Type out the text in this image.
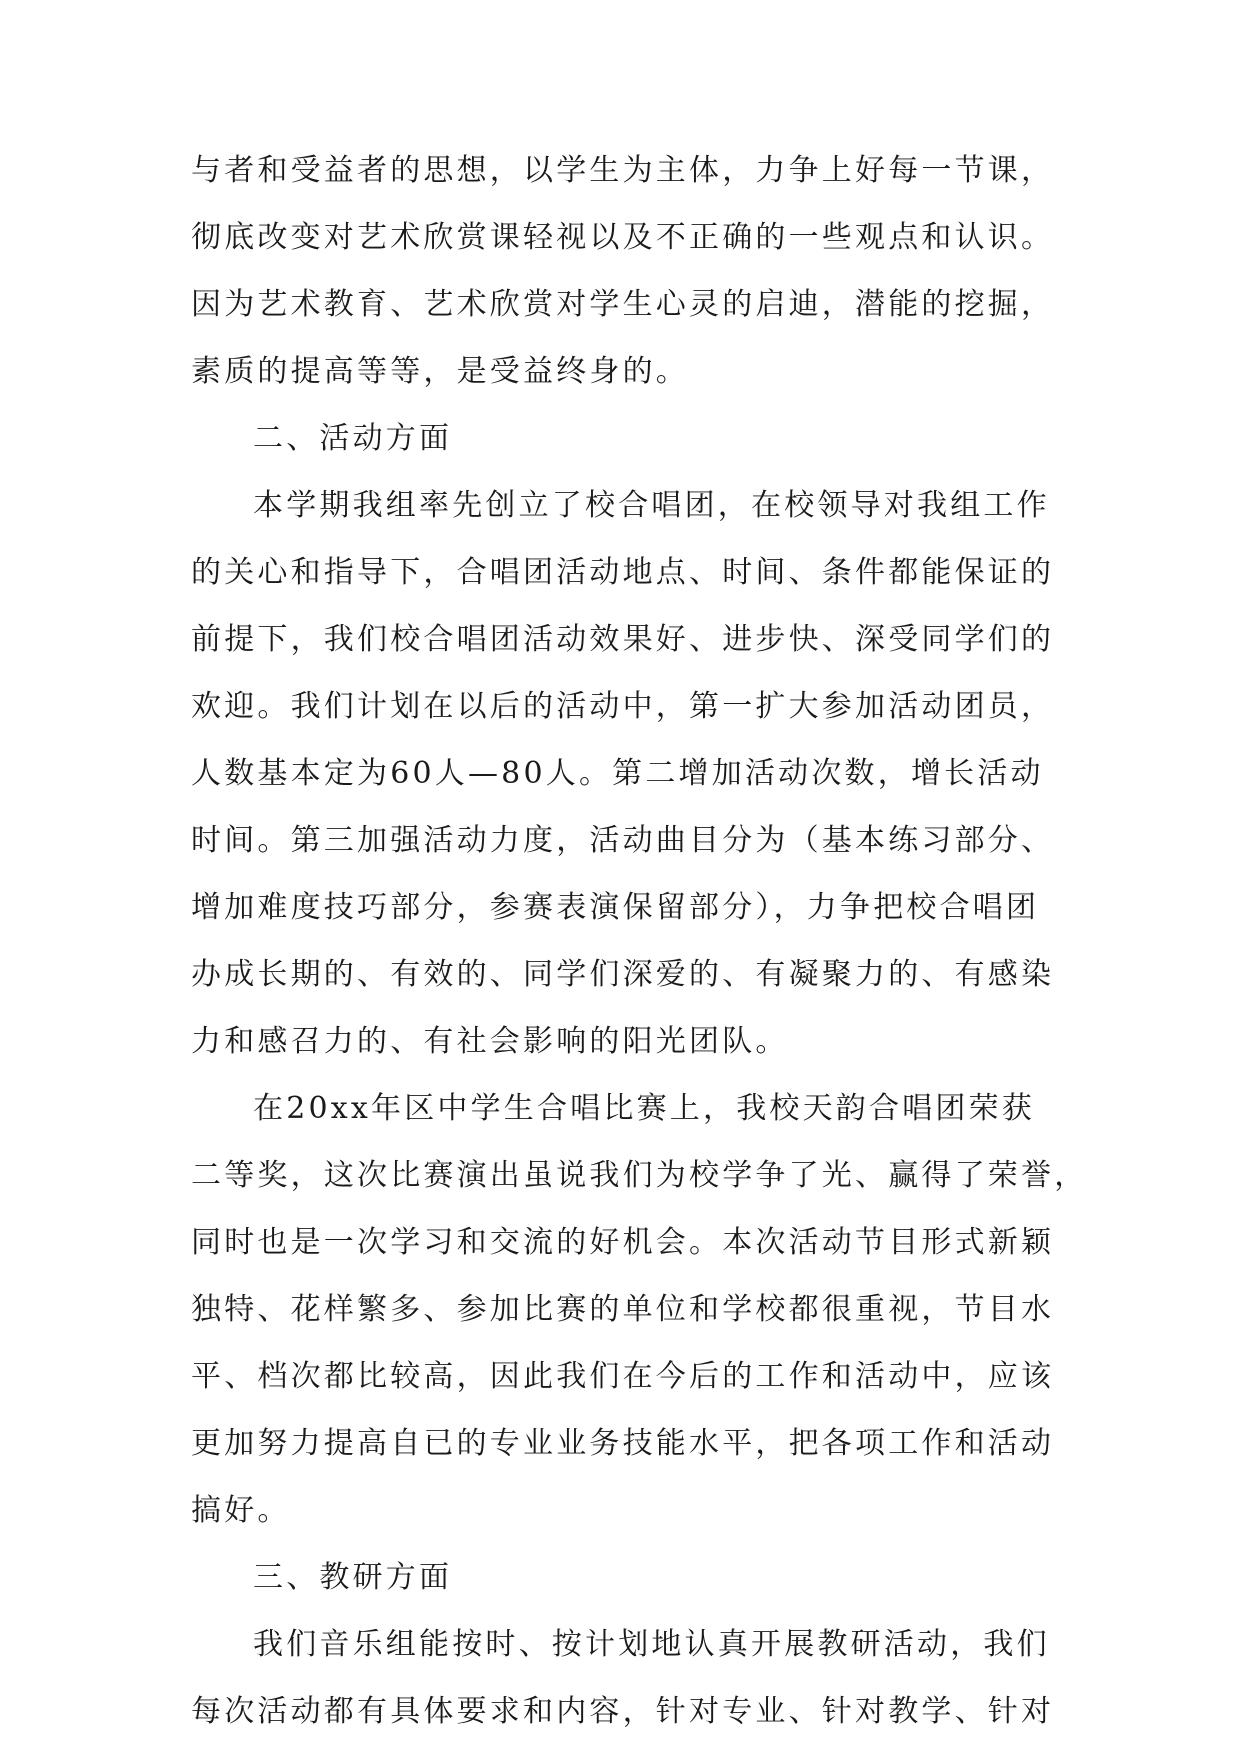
与者和受益者的思想，以学生为主体，力争上好每一节课，
彻底改变对艺术欣赏课轻视以及不正确的一些观点和认识。
因为艺术教育、艺术欣赏对学生心灵的启迪，潜能的挖掘，
素质的提高等等，是受益终身的。
二、活动方面
本学期我组率先创立了校合唱团，在校领导对我组工作
的关心和指导下，合唱团活动地点、时间、条件都能保证的
前提下，我们校合唱团活动效果好、进步快、深受同学们的
欢迎。我们计划在以后的活动中，第一扩大参加活动团员，
人数基本定为60人—80人。第二增加活动次数，增长活动
时间。第三加强活动力度，活动曲目分为（基本练习部分、
增加难度技巧部分，参赛表演保留部分），力争把校合唱团
办成长期的、有效的、同学们深爱的、有凝聚力的、有感染
力和感召力的、有社会影响的阳光团队。
在20xx年区中学生合唱比赛上，我校天韵合唱团荣获
二等奖，这次比赛演出虽说我们为校学争了光、赢得了荣誉，
同时也是一次学习和交流的好机会。本次活动节目形式新颖
独特、花样繁多、参加比赛的单位和学校都很重视，节目水
平、档次都比较高，因此我们在今后的工作和活动中，应该
更加努力提高自已的专业业务技能水平，把各项工作和活动
搞好。
三、教研方面
我们音乐组能按时、按计划地认真开展教研活动，我们
每次活动都有具体要求和内容，针对专业、针对教学、针对
